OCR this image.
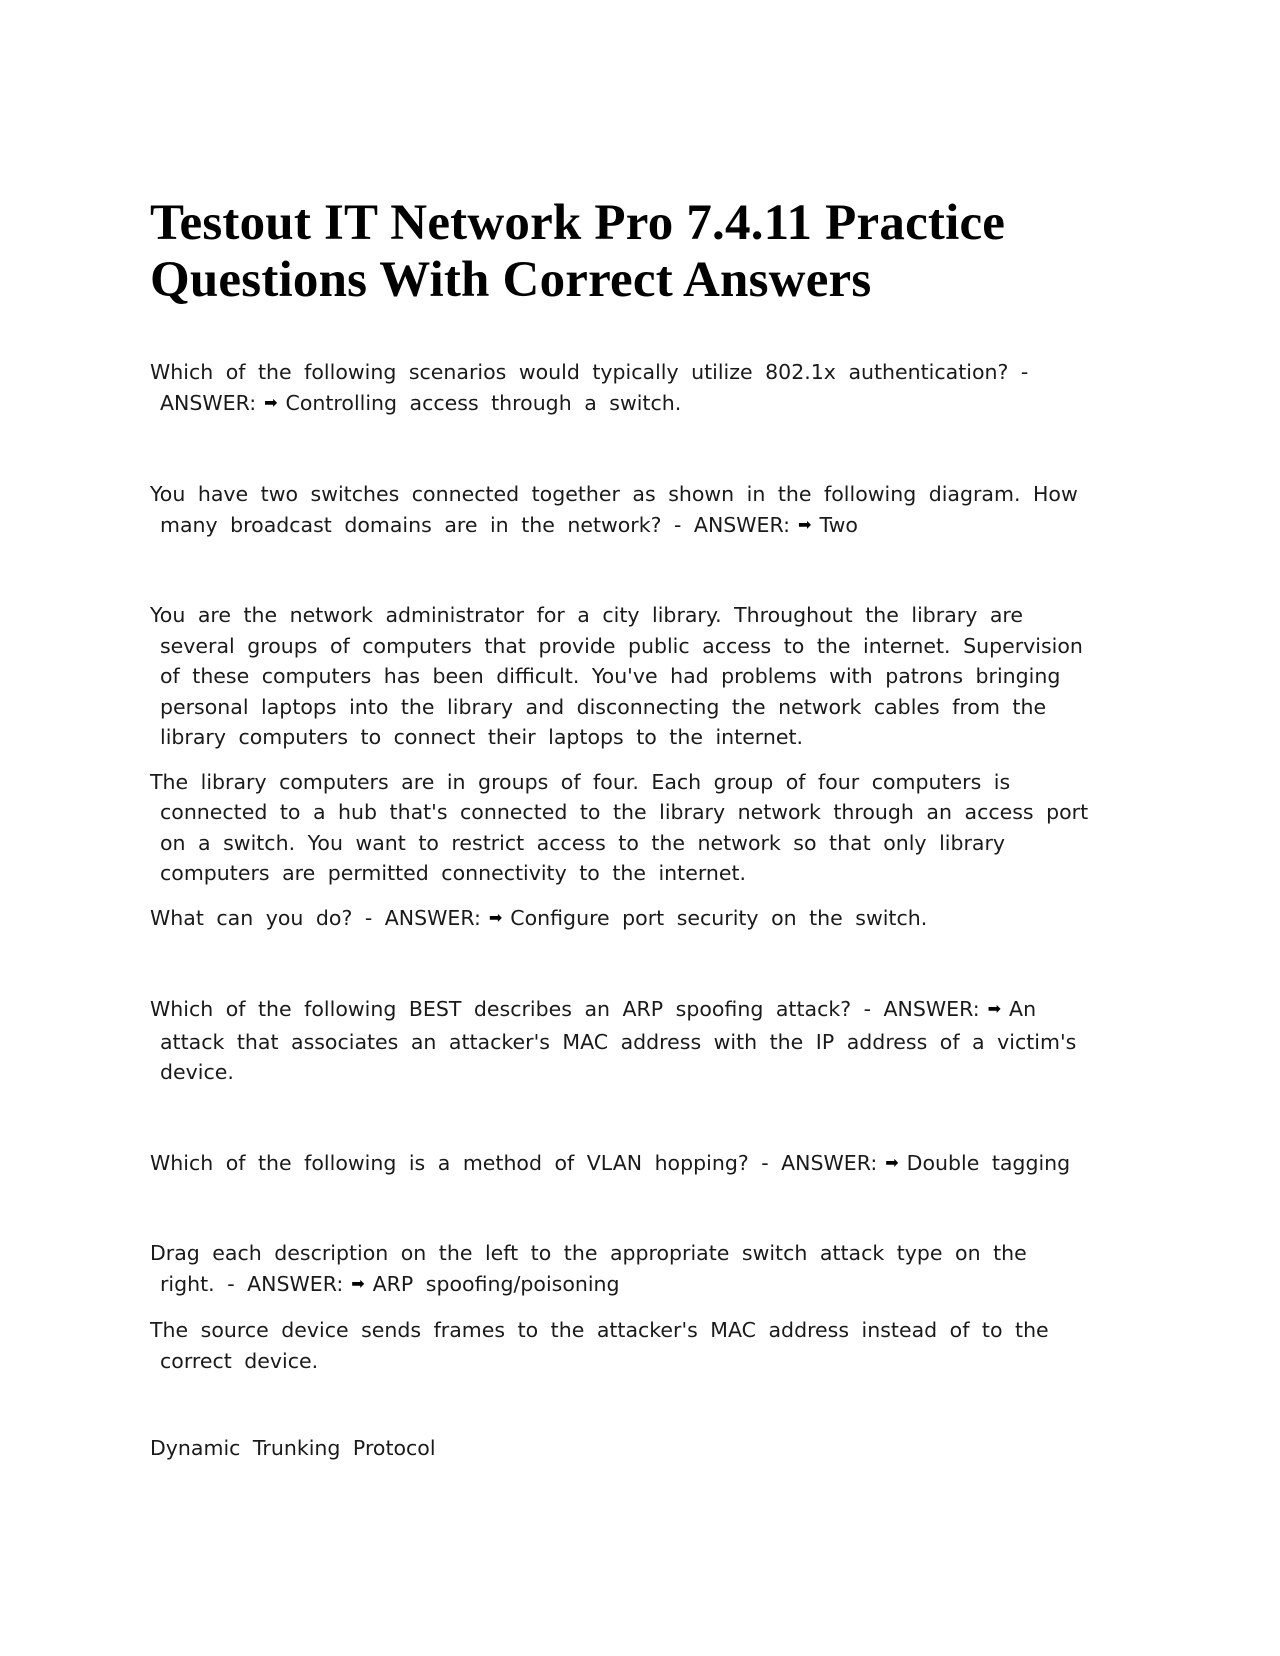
Testout IT Network Pro 7.4.11 Practice
Questions With Correct Answers

Which of the following scenarios would typically utilize 802.1x authentication? - ANSWER: ➡ Controlling access through a switch.

You have two switches connected together as shown in the following diagram. How many broadcast domains are in the network? - ANSWER: ➡ Two

You are the network administrator for a city library. Throughout the library are several groups of computers that provide public access to the internet. Supervision of these computers has been difficult. You've had problems with patrons bringing personal laptops into the library and disconnecting the network cables from the library computers to connect their laptops to the internet.

The library computers are in groups of four. Each group of four computers is connected to a hub that's connected to the library network through an access port on a switch. You want to restrict access to the network so that only library computers are permitted connectivity to the internet.

What can you do? - ANSWER: ➡ Configure port security on the switch.

Which of the following BEST describes an ARP spoofing attack? - ANSWER: ➡ An attack that associates an attacker's MAC address with the IP address of a victim's device.

Which of the following is a method of VLAN hopping? - ANSWER: ➡ Double tagging

Drag each description on the left to the appropriate switch attack type on the right. - ANSWER: ➡ ARP spoofing/poisoning

The source device sends frames to the attacker's MAC address instead of to the correct device.

Dynamic Trunking Protocol
